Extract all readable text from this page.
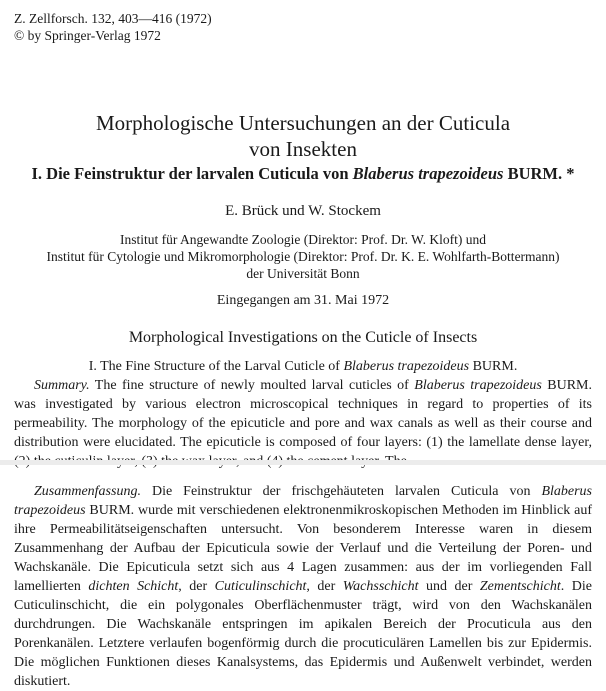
Z. Zellforsch. 132, 403—416 (1972)
© by Springer-Verlag 1972
Morphologische Untersuchungen an der Cuticula
von Insekten
I. Die Feinstruktur der larvalen Cuticula von Blaberus trapezoideus BURM. *
E. Brück und W. Stockem
Institut für Angewandte Zoologie (Direktor: Prof. Dr. W. Kloft) und
Institut für Cytologie und Mikromorphologie (Direktor: Prof. Dr. K. E. Wohlfarth-Bottermann)
der Universität Bonn
Eingegangen am 31. Mai 1972
Morphological Investigations on the Cuticle of Insects
I. The Fine Structure of the Larval Cuticle of Blaberus trapezoideus BURM.
Summary. The fine structure of newly moulted larval cuticles of Blaberus trapezoideus BURM. was investigated by various electron microscopical techniques in regard to properties of its permeability. The morphology of the epicuticle and pore and wax canals as well as their course and distribution were elucidated. The epicuticle is composed of four layers: (1) the lamellate dense layer,
Zusammenfassung. Die Feinstruktur der frischgehäuteten larvalen Cuticula von Blaberus trapezoideus BURM. wurde mit verschiedenen elektronenmikroskopischen Methoden im Hinblick auf ihre Permeabilitätseigenschaften untersucht. Von besonderem Interesse waren in diesem Zusammenhang der Aufbau der Epicuticula sowie der Verlauf und die Verteilung der Poren- und Wachskanäle. Die Epicuticula setzt sich aus 4 Lagen zusammen: aus der im vorliegenden Fall lamellierten dichten Schicht, der Cuticulinschicht, der Wachsschicht und der Zementschicht. Die Cuticulinschicht, die ein polygonales Oberflächenmuster trägt, wird von den Wachskanälen durchdrungen. Die Wachskanäle entspringen im apikalen Bereich der Procuticula aus den Porenkanälen. Letztere verlaufen bogenförmig durch die procuticulären Lamellen bis zur Epidermis. Die möglichen Funktionen dieses Kanalsystems, das Epidermis und Außenwelt verbindet, werden diskutiert.
